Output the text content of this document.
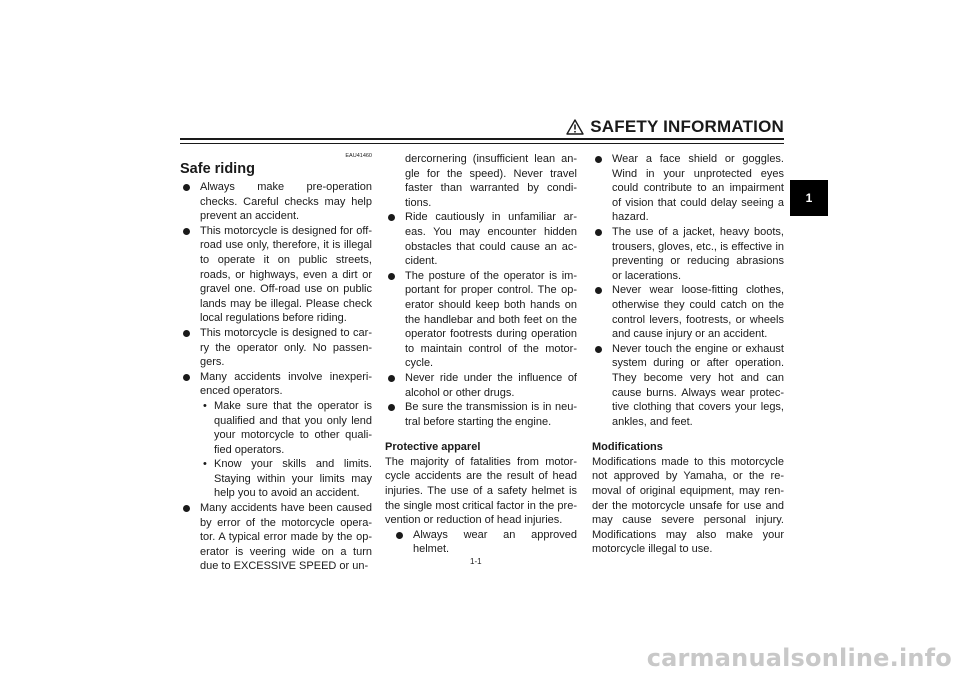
SAFETY INFORMATION
1
EAU41460
Safe riding
Always make pre-operation checks. Careful checks may help prevent an accident.
This motorcycle is designed for off-road use only, therefore, it is illegal to operate it on public streets, roads, or highways, even a dirt or gravel one. Off-road use on public lands may be illegal. Please check local regulations before riding.
This motorcycle is designed to car-ry the operator only. No passen-gers.
Many accidents involve inexperi-enced operators.
• Make sure that the operator is qualified and that you only lend your motorcycle to other quali-fied operators.
• Know your skills and limits. Staying within your limits may help you to avoid an accident.
Many accidents have been caused by error of the motorcycle opera-tor. A typical error made by the op-erator is veering wide on a turn due to EXCESSIVE SPEED or un-

dercornering (insufficient lean an-gle for the speed). Never travel faster than warranted by condi-tions.

Ride cautiously in unfamiliar ar-eas. You may encounter hidden obstacles that could cause an ac-cident.
The posture of the operator is im-portant for proper control. The op-erator should keep both hands on the handlebar and both feet on the operator footrests during operation to maintain control of the motor-cycle.
Never ride under the influence of alcohol or other drugs.
Be sure the transmission is in neu-tral before starting the engine.
Protective apparel

The majority of fatalities from motor-cycle accidents are the result of head injuries. The use of a safety helmet is the single most critical factor in the pre-vention or reduction of head injuries.

Always wear an approved helmet.
Wear a face shield or goggles. Wind in your unprotected eyes could contribute to an impairment of vision that could delay seeing a hazard.
The use of a jacket, heavy boots, trousers, gloves, etc., is effective in preventing or reducing abrasions or lacerations.
Never wear loose-fitting clothes, otherwise they could catch on the control levers, footrests, or wheels and cause injury or an accident.
Never touch the engine or exhaust system during or after operation. They become very hot and can cause burns. Always wear protec-tive clothing that covers your legs, ankles, and feet.
Modifications

Modifications made to this motorcycle not approved by Yamaha, or the re-moval of original equipment, may ren-der the motorcycle unsafe for use and may cause severe personal injury. Modifications may also make your motorcycle illegal to use.

1-1
carmanualsonline.info
